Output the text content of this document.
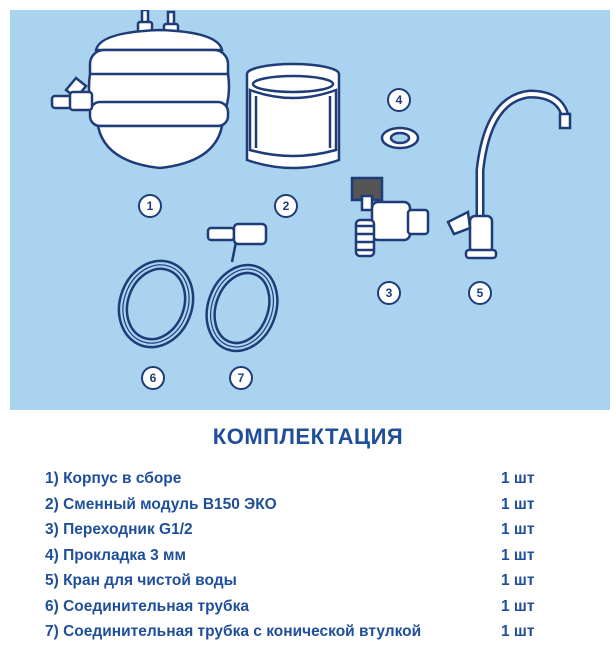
1	2
3
4
5
6	7
КОМПЛЕКТАЦИЯ
1) Корпус в сборе	1 шт
2) Сменный модуль В150 ЭКО	1 шт
3) Переходник G1/2	1 шт
4) Прокладка 3 мм	1 шт
5) Кран для чистой воды	1 шт
6) Соединительная трубка	1 шт
7) Соединительная трубка с конической втулкой	1 шт
